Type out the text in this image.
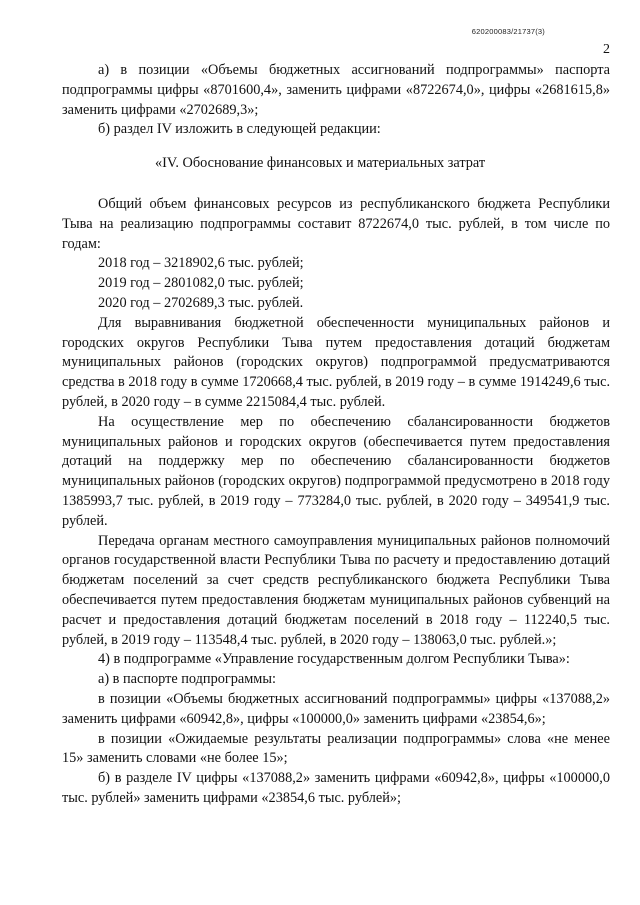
620200083/21737(3)
2

а) в позиции «Объемы бюджетных ассигнований подпрограммы» паспорта подпрограммы цифры «8701600,4», заменить цифрами «8722674,0», цифры «2681615,8» заменить цифрами «2702689,3»;

б) раздел IV изложить в следующей редакции:

«IV. Обоснование финансовых и материальных затрат

Общий объем финансовых ресурсов из республиканского бюджета Республики Тыва на реализацию подпрограммы составит 8722674,0 тыс. рублей, в том числе по годам:

2018 год – 3218902,6 тыс. рублей;

2019 год – 2801082,0 тыс. рублей;

2020 год – 2702689,3 тыс. рублей.

Для выравнивания бюджетной обеспеченности муниципальных районов и городских округов Республики Тыва путем предоставления дотаций бюджетам муниципальных районов (городских округов) подпрограммой предусматриваются средства в 2018 году в сумме 1720668,4 тыс. рублей, в 2019 году – в сумме 1914249,6 тыс. рублей, в 2020 году – в сумме 2215084,4 тыс. рублей.

На осуществление мер по обеспечению сбалансированности бюджетов муниципальных районов и городских округов (обеспечивается путем предоставления дотаций на поддержку мер по обеспечению сбалансированности бюджетов муниципальных районов (городских округов) подпрограммой предусмотрено в 2018 году 1385993,7 тыс. рублей, в 2019 году – 773284,0 тыс. рублей, в 2020 году – 349541,9 тыс. рублей.

Передача органам местного самоуправления муниципальных районов полномочий органов государственной власти Республики Тыва по расчету и предоставлению дотаций бюджетам поселений за счет средств республиканского бюджета Республики Тыва обеспечивается путем предоставления бюджетам муниципальных районов субвенций на расчет и предоставления дотаций бюджетам поселений в 2018 году – 112240,5 тыс. рублей, в 2019 году – 113548,4 тыс. рублей, в 2020 году – 138063,0 тыс. рублей.»;

4) в подпрограмме «Управление государственным долгом Республики Тыва»:

а) в паспорте подпрограммы:

в позиции «Объемы бюджетных ассигнований подпрограммы» цифры «137088,2» заменить цифрами «60942,8», цифры «100000,0» заменить цифрами «23854,6»;

в позиции «Ожидаемые результаты реализации подпрограммы» слова «не менее 15» заменить словами «не более 15»;

б) в разделе IV цифры «137088,2» заменить цифрами «60942,8», цифры «100000,0 тыс. рублей» заменить цифрами «23854,6 тыс. рублей»;
